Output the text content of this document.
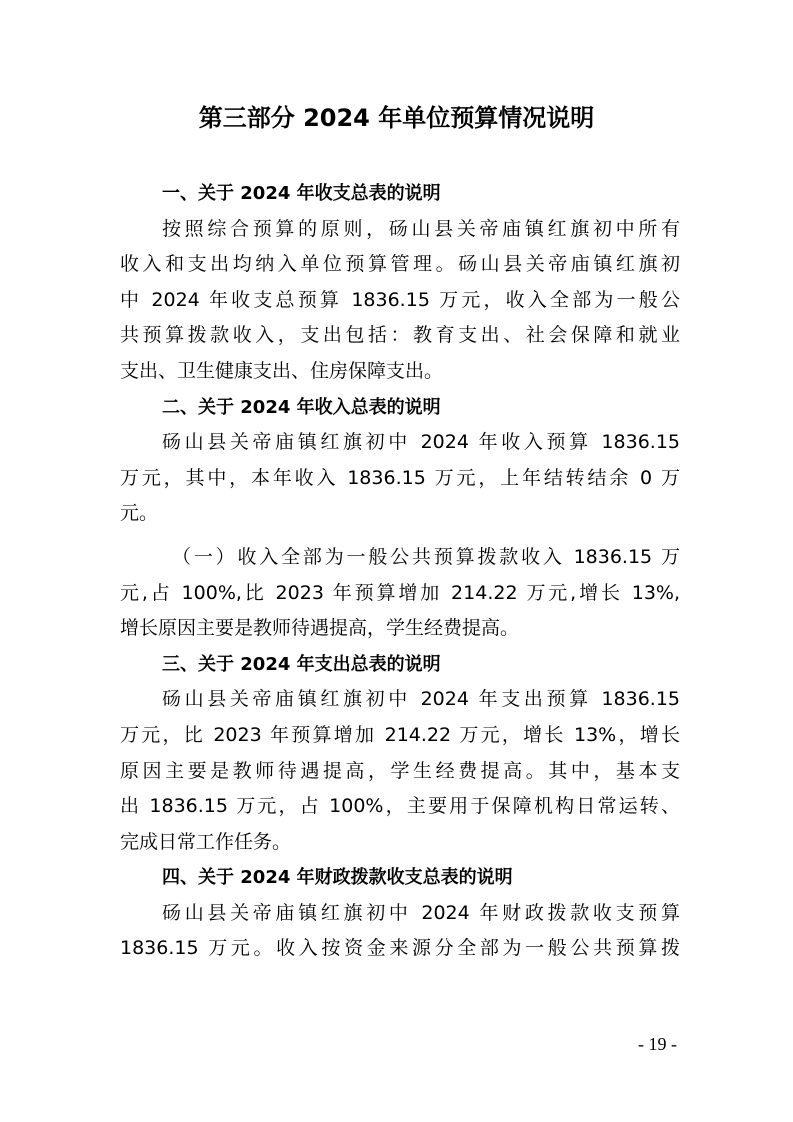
第三部分 2024 年单位预算情况说明
一、关于 2024 年收支总表的说明
按照综合预算的原则，砀山县关帝庙镇红旗初中所有
收入和支出均纳入单位预算管理。砀山县关帝庙镇红旗初
中 2024 年收支总预算 1836.15 万元，收入全部为一般公
共预算拨款收入，支出包括：教育支出、社会保障和就业
支出、卫生健康支出、住房保障支出。
二、关于 2024 年收入总表的说明
砀山县关帝庙镇红旗初中 2024 年收入预算 1836.15
万元，其中，本年收入 1836.15 万元，上年结转结余 0 万
元。
（一）收入全部为一般公共预算拨款收入 1836.15 万
元,占 100%,比 2023 年预算增加 214.22 万元,增长 13%,
增长原因主要是教师待遇提高，学生经费提高。
三、关于 2024 年支出总表的说明
砀山县关帝庙镇红旗初中 2024 年支出预算 1836.15
万元，比 2023 年预算增加 214.22 万元，增长 13%，增长
原因主要是教师待遇提高，学生经费提高。其中，基本支
出 1836.15 万元，占 100%，主要用于保障机构日常运转、
完成日常工作任务。
四、关于 2024 年财政拨款收支总表的说明
砀山县关帝庙镇红旗初中 2024 年财政拨款收支预算
1836.15 万元。收入按资金来源分全部为一般公共预算拨
- 19 -
